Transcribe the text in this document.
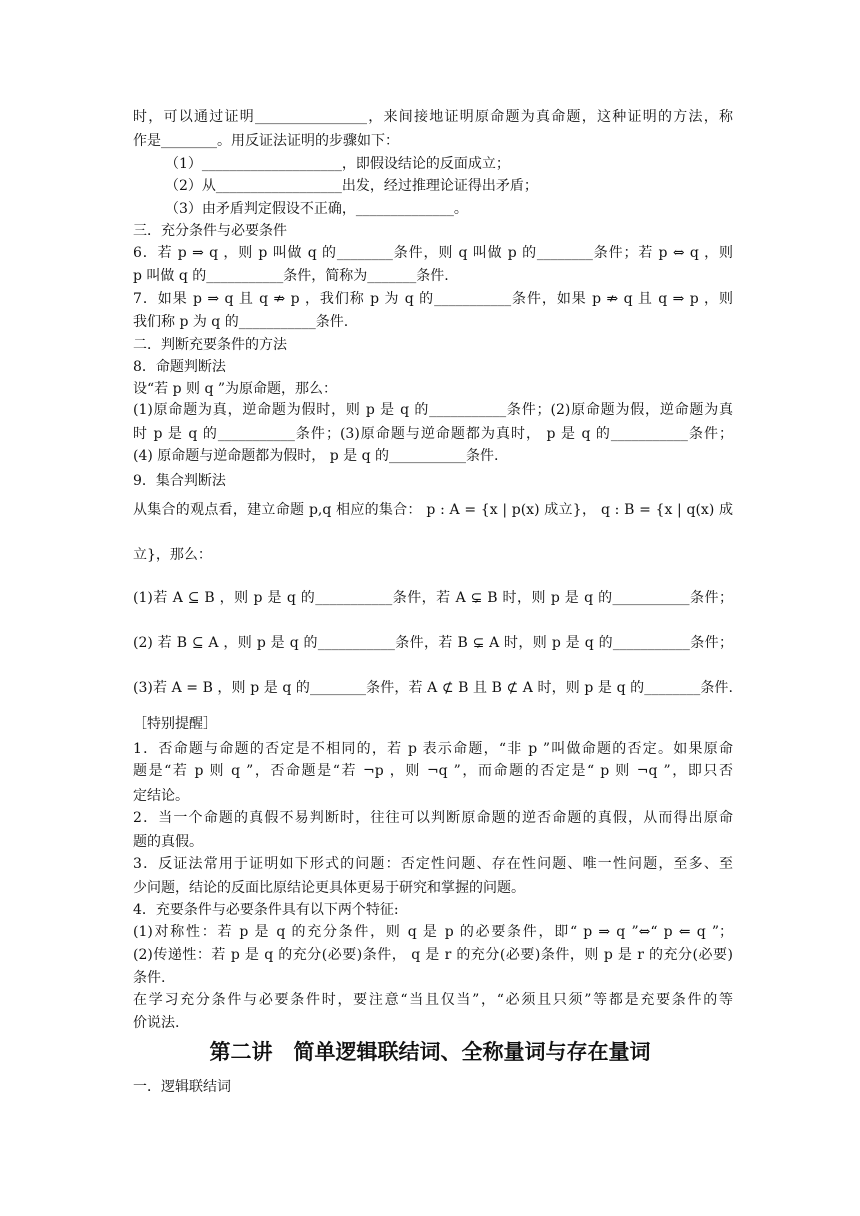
时，可以通过证明________________，来间接地证明原命题为真命题，这种证明的方法，称
作是________。用反证法证明的步骤如下：
（1）____________________，即假设结论的反面成立；
（2）从__________________出发，经过推理论证得出矛盾；
（3）由矛盾判定假设不正确，______________。
三．充分条件与必要条件
6．若 p ⇒ q ，则 p 叫做 q 的________条件，则 q 叫做 p 的________条件；若 p ⇔ q ，则
p 叫做 q 的___________条件，简称为_______条件.
7．如果 p ⇒ q 且 q ⇏ p ，我们称 p 为 q 的___________条件，如果 p ⇏ q 且 q ⇒ p ，则
我们称 p 为 q 的___________条件.
二．判断充要条件的方法
8．命题判断法
设“若 p 则 q ”为原命题，那么：
(1)原命题为真，逆命题为假时，则 p 是 q 的___________条件；(2)原命题为假，逆命题为真
时 p 是 q 的___________条件；(3)原命题与逆命题都为真时， p 是 q 的___________条件；
(4) 原命题与逆命题都为假时， p 是 q 的___________条件.
9．集合判断法
从集合的观点看，建立命题 p,q 相应的集合： p : A = {x | p(x) 成立}， q : B = {x | q(x) 成
立}，那么：
(1)若 A ⊆ B ，则 p 是 q 的___________条件，若 A ⊊ B 时，则 p 是 q 的___________条件；
(2) 若 B ⊆ A ，则 p 是 q 的___________条件，若 B ⊊ A 时，则 p 是 q 的___________条件；
(3)若 A = B ，则 p 是 q 的________条件，若 A ⊄ B 且 B ⊄ A 时，则 p 是 q 的________条件.
［特别提醒］
1．否命题与命题的否定是不相同的，若 p 表示命题，“非 p ”叫做命题的否定。如果原命
题是“若 p 则 q ”，否命题是“若 ¬p ，则 ¬q ”，而命题的否定是“ p 则 ¬q ”，即只否
定结论。
2．当一个命题的真假不易判断时，往往可以判断原命题的逆否命题的真假，从而得出原命
题的真假。
3．反证法常用于证明如下形式的问题：否定性问题、存在性问题、唯一性问题，至多、至
少问题，结论的反面比原结论更具体更易于研究和掌握的问题。
4．充要条件与必要条件具有以下两个特征:
(1)对称性：若 p 是 q 的充分条件，则 q 是 p 的必要条件，即“ p ⇒ q ”⇔“ p ⇐ q ”；
(2)传递性：若 p 是 q 的充分(必要)条件， q 是 r 的充分(必要)条件，则 p 是 r 的充分(必要)
条件.
在学习充分条件与必要条件时，要注意“当且仅当”，“必须且只须”等都是充要条件的等
价说法.
第二讲　简单逻辑联结词、全称量词与存在量词
一．逻辑联结词
